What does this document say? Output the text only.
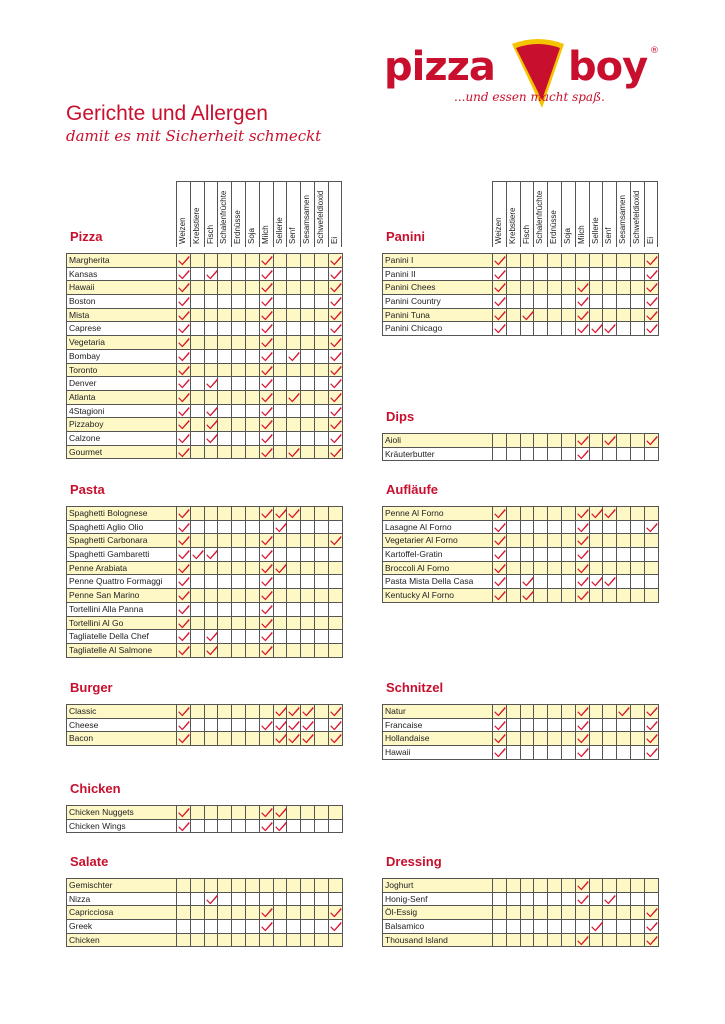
pizza boy ®
...und essen macht spaß.
Gerichte und Allergen
damit es mit Sicherheit schmeckt
Weizen Krebstiere Fisch Schalenfrüchte Erdnüsse Soja Milch Sellerie Senf Sesamsamen Schwefeldioxid Ei
Pizza
Margherita
Kansas
Hawaii
Boston
Mista
Caprese
Vegetaria
Bombay
Toronto
Denver
Atlanta
4Stagioni
Pizzaboy
Calzone
Gourmet
Weizen Krebstiere Fisch Schalenfrüchte Erdnüsse Soja Milch Sellerie Senf Sesamsamen Schwefeldioxid Ei
Panini
Panini I
Panini II
Panini Chees
Panini Country
Panini Tuna
Panini Chicago
Dips
Aioli
Kräuterbutter
Pasta
Spaghetti Bolognese
Spaghetti Aglio Olio
Spaghetti Carbonara
Spaghetti Gambaretti
Penne Arabiata
Penne Quattro Formaggi
Penne San Marino
Tortellini Alla Panna
Tortellini Al Go
Tagliatelle Della Chef
Tagliatelle Al Salmone
Aufläufe
Penne Al Forno
Lasagne Al Forno
Vegetarier Al Forno
Kartoffel-Gratin
Broccoli Al Forno
Pasta Mista Della Casa
Kentucky Al Forno
Burger
Classic
Cheese
Bacon
Schnitzel
Natur
Francaise
Hollandaise
Hawaii
Chicken
Chicken Nuggets
Chicken Wings
Salate
Gemischter
Nizza
Capricciosa
Greek
Chicken
Dressing
Joghurt
Honig-Senf
Öl-Essig
Balsamico
Thousand Island
